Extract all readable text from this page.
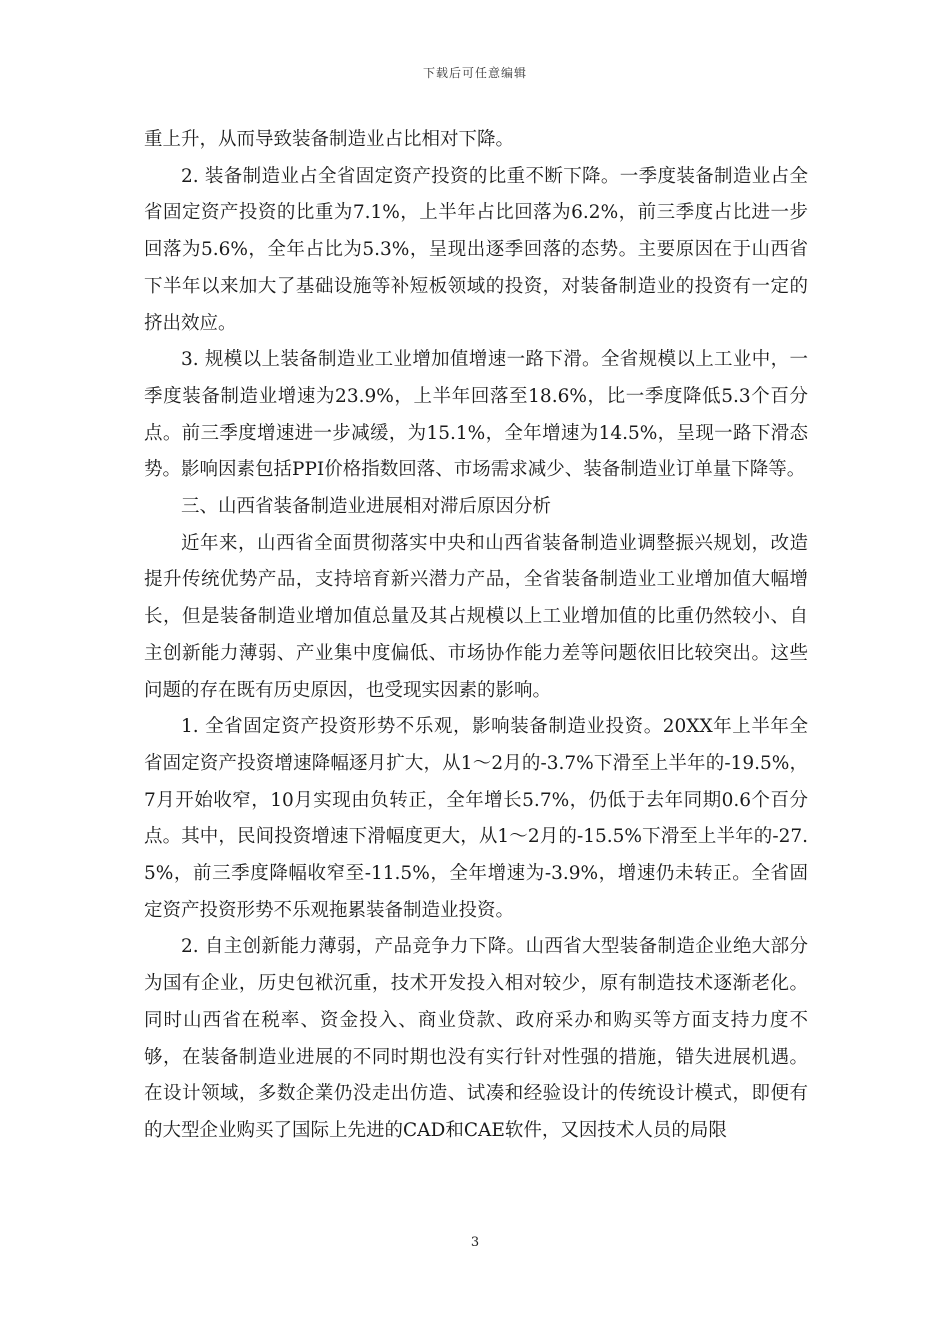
下载后可任意编辑

重上升，从而导致装备制造业占比相对下降。

2. 装备制造业占全省固定资产投资的比重不断下降。一季度装备制造业占全省固定资产投资的比重为7.1%，上半年占比回落为6.2%，前三季度占比进一步回落为5.6%，全年占比为5.3%，呈现出逐季回落的态势。主要原因在于山西省下半年以来加大了基础设施等补短板领域的投资，对装备制造业的投资有一定的挤出效应。

3. 规模以上装备制造业工业增加值增速一路下滑。全省规模以上工业中，一季度装备制造业增速为23.9%，上半年回落至18.6%，比一季度降低5.3个百分点。前三季度增速进一步减缓，为15.1%，全年增速为14.5%，呈现一路下滑态势。影响因素包括PPI价格指数回落、市场需求减少、装备制造业订单量下降等。

三、山西省装备制造业进展相对滞后原因分析

近年来，山西省全面贯彻落实中央和山西省装备制造业调整振兴规划，改造提升传统优势产品，支持培育新兴潜力产品，全省装备制造业工业增加值大幅增长，但是装备制造业增加值总量及其占规模以上工业增加值的比重仍然较小、自主创新能力薄弱、产业集中度偏低、市场协作能力差等问题依旧比较突出。这些问题的存在既有历史原因，也受现实因素的影响。

1. 全省固定资产投资形势不乐观，影响装备制造业投资。20XX年上半年全省固定资产投资增速降幅逐月扩大，从1～2月的-3.7%下滑至上半年的-19.5%，7月开始收窄，10月实现由负转正，全年增长5.7%，仍低于去年同期0.6个百分点。其中，民间投资增速下滑幅度更大，从1～2月的-15.5%下滑至上半年的-27.5%，前三季度降幅收窄至-11.5%，全年增速为-3.9%，增速仍未转正。全省固定资产投资形势不乐观拖累装备制造业投资。

2. 自主创新能力薄弱，产品竞争力下降。山西省大型装备制造企业绝大部分为国有企业，历史包袱沉重，技术开发投入相对较少，原有制造技术逐渐老化。同时山西省在税率、资金投入、商业贷款、政府采办和购买等方面支持力度不够，在装备制造业进展的不同时期也没有实行针对性强的措施，错失进展机遇。在设计领域，多数企業仍没走出仿造、试凑和经验设计的传统设计模式，即便有的大型企业购买了国际上先进的CAD和CAE软件，又因技术人员的局限

3
